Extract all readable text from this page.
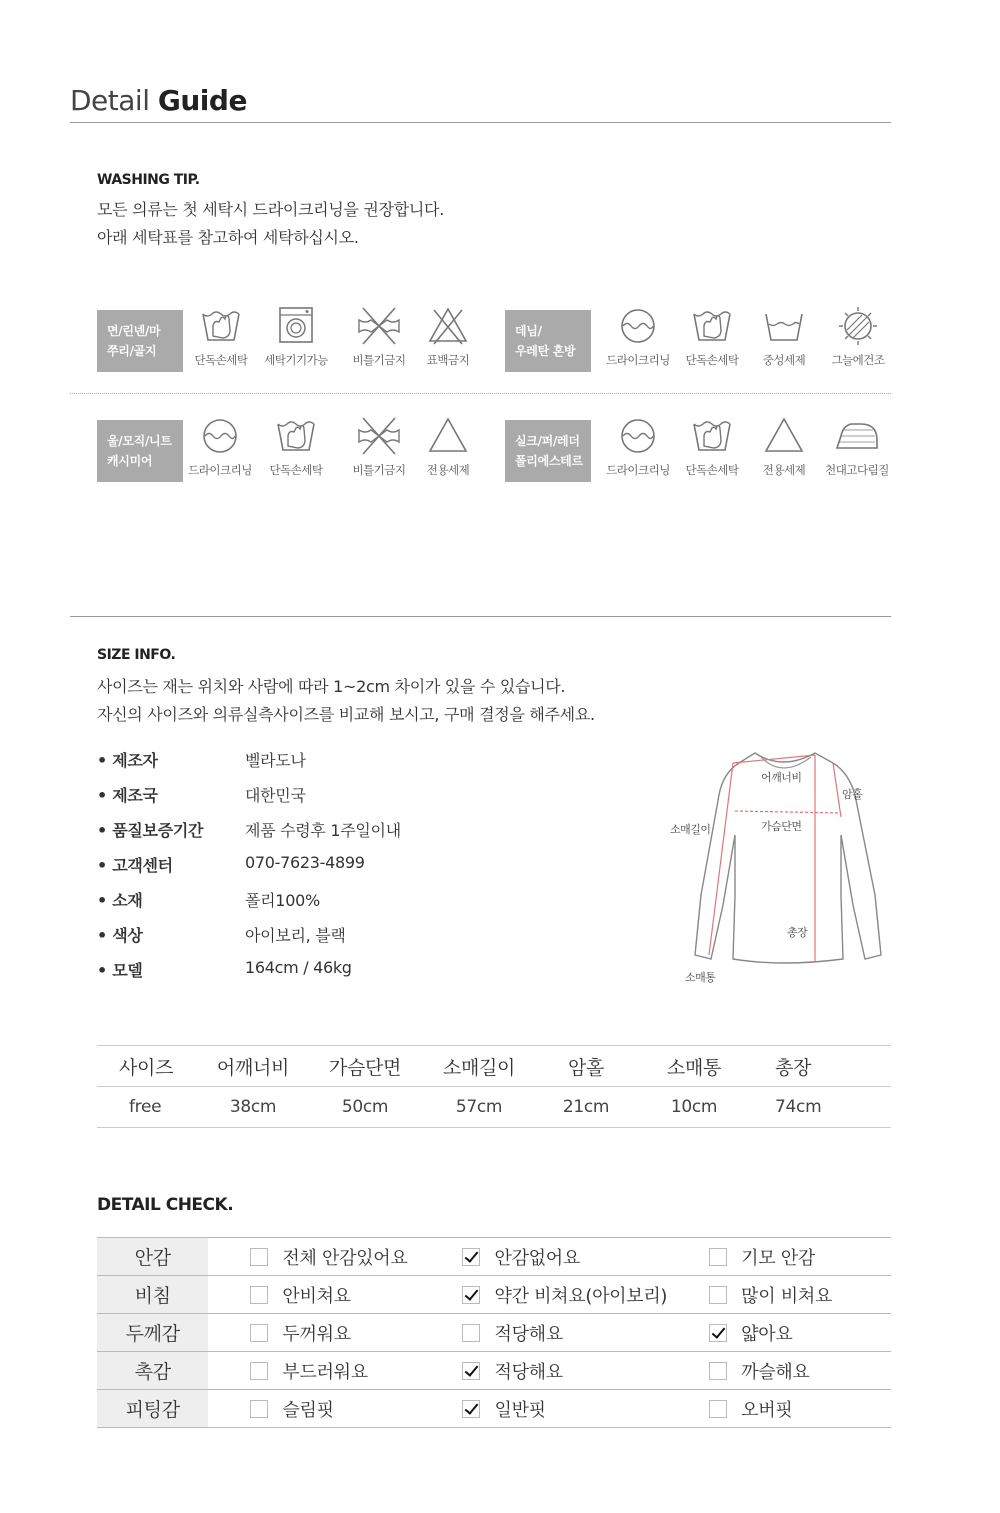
Detail Guide
WASHING TIP.
모든 의류는 첫 세탁시 드라이크리닝을 권장합니다.
아래 세탁표를 참고하여 세탁하십시오.
면/린넨/마
쭈리/골지
단독손세탁	세탁기기가능	비틀기금지	표백금지
데님/
우레탄 혼방
드라이크리닝	단독손세탁	중성세제	그늘에건조
울/모직/니트
캐시미어
드라이크리닝	단독손세탁	비틀기금지	전용세제
실크/퍼/레더
폴리에스테르
드라이크리닝	단독손세탁	전용세제	천대고다림질
SIZE INFO.
사이즈는 재는 위치와 사람에 따라 1~2cm 차이가 있을 수 있습니다.
자신의 사이즈와 의류실측사이즈를 비교해 보시고, 구매 결정을 해주세요.
• 제조자	벨라도나
• 제조국	대한민국
• 품질보증기간	제품 수령후 1주일이내
• 고객센터	070-7623-4899
• 소재	폴리100%
• 색상	아이보리, 블랙
• 모델	164cm / 46kg
어깨너비
암홀
소매길이	가슴단면
총장
소매통
사이즈	어깨너비	가슴단면	소매길이	암홀	소매통	총장
free	38cm	50cm	57cm	21cm	10cm	74cm
DETAIL CHECK.
안감	전체 안감있어요	안감없어요	기모 안감

비침	안비쳐요	약간 비쳐요(아이보리)	많이 비쳐요

두께감	두꺼워요	적당해요	얇아요

촉감	부드러워요	적당해요	까슬해요

피팅감	슬림핏	일반핏	오버핏
